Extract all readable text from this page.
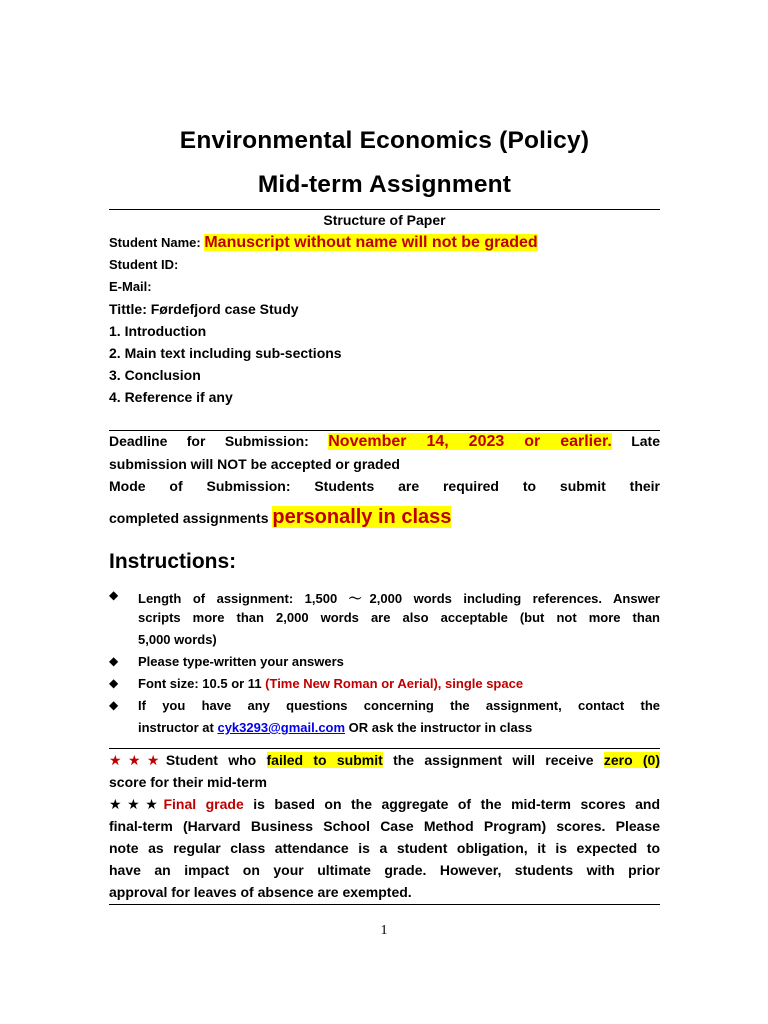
Environmental Economics (Policy)
Mid-term Assignment
Structure of Paper
Student Name: Manuscript without name will not be graded
Student ID:
E-Mail:
Tittle: Førdefjord case Study
1. Introduction
2. Main text including sub-sections
3. Conclusion
4. Reference if any
Deadline for Submission: November 14, 2023 or earlier. Late
submission will NOT be accepted or graded
Mode of Submission: Students are required to submit their
completed assignments personally in class
Instructions:
◆ Length of assignment: 1,500 ～2,000 words including references. Answer
scripts more than 2,000 words are also acceptable (but not more than
5,000 words)
◆ Please type-written your answers
◆ Font size: 10.5 or 11 (Time New Roman or Aerial), single space
◆ If you have any questions concerning the assignment, contact the
instructor at cyk3293@gmail.com OR ask the instructor in class
★★★Student who failed to submit the assignment will receive zero (0)
score for their mid-term
★★★Final grade is based on the aggregate of the mid-term scores and
final-term (Harvard Business School Case Method Program) scores. Please
note as regular class attendance is a student obligation, it is expected to
have an impact on your ultimate grade. However, students with prior
approval for leaves of absence are exempted.
1
